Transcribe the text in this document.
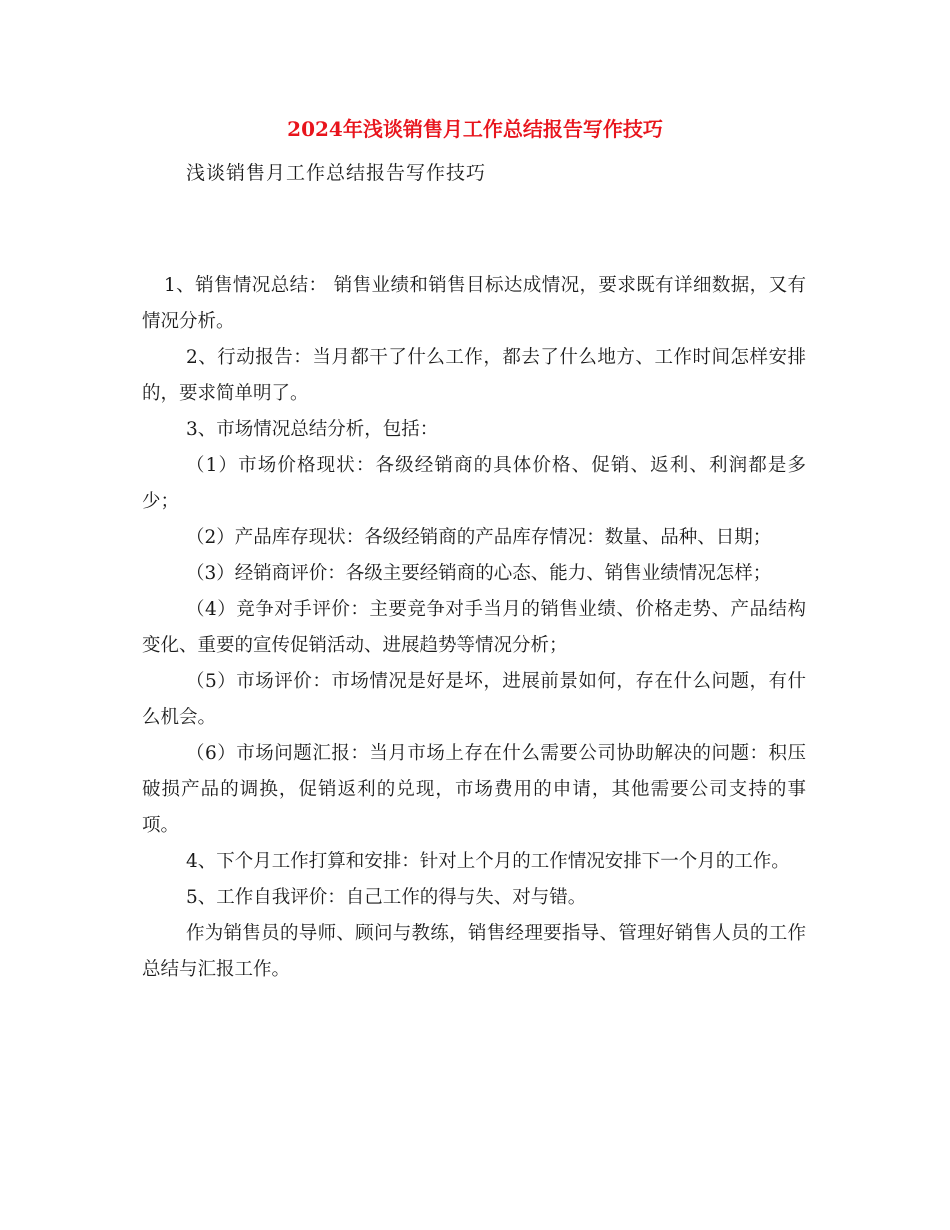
2024年浅谈销售月工作总结报告写作技巧

浅谈销售月工作总结报告写作技巧

1、销售情况总结： 销售业绩和销售目标达成情况，要求既有详细数据，又有情况分析。

2、行动报告：当月都干了什么工作，都去了什么地方、工作时间怎样安排的，要求简单明了。

3、市场情况总结分析，包括：

（1）市场价格现状：各级经销商的具体价格、促销、返利、利润都是多少；

（2）产品库存现状：各级经销商的产品库存情况：数量、品种、日期；

（3）经销商评价：各级主要经销商的心态、能力、销售业绩情况怎样；

（4）竞争对手评价：主要竞争对手当月的销售业绩、价格走势、产品结构变化、重要的宣传促销活动、进展趋势等情况分析；

（5）市场评价：市场情况是好是坏，进展前景如何，存在什么问题，有什么机会。

（6）市场问题汇报：当月市场上存在什么需要公司协助解决的问题：积压破损产品的调换，促销返利的兑现，市场费用的申请，其他需要公司支持的事项。

4、下个月工作打算和安排：针对上个月的工作情况安排下一个月的工作。

5、工作自我评价：自己工作的得与失、对与错。

作为销售员的导师、顾问与教练，销售经理要指导、管理好销售人员的工作总结与汇报工作。
